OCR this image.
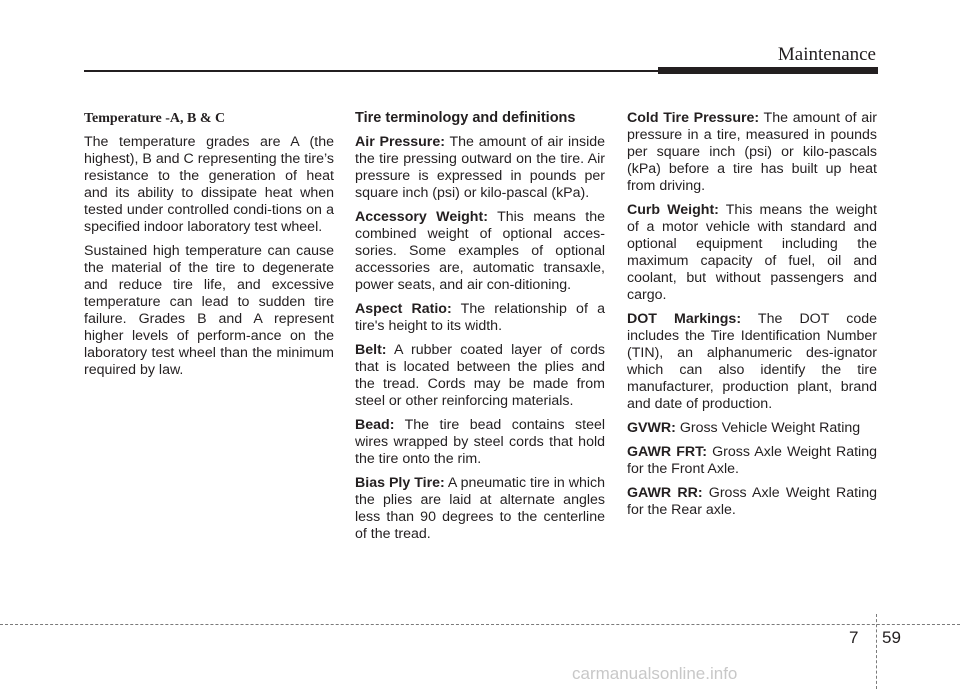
Maintenance
Temperature -A, B & C

The temperature grades are A (the highest), B and C representing the tire’s resistance to the generation of heat and its ability to dissipate heat when tested under controlled condi-tions on a specified indoor laboratory test wheel.

Sustained high temperature can cause the material of the tire to degenerate and reduce tire life, and excessive temperature can lead to sudden tire failure. Grades B and A represent higher levels of perform-ance on the laboratory test wheel than the minimum required by law.

Tire terminology and definitions

Air Pressure: The amount of air inside the tire pressing outward on the tire. Air pressure is expressed in pounds per square inch (psi) or kilo-pascal (kPa).

Accessory Weight: This means the combined weight of optional acces-sories. Some examples of optional accessories are, automatic transaxle, power seats, and air con-ditioning.

Aspect Ratio: The relationship of a tire's height to its width.

Belt: A rubber coated layer of cords that is located between the plies and the tread. Cords may be made from steel or other reinforcing materials.

Bead: The tire bead contains steel wires wrapped by steel cords that hold the tire onto the rim.

Bias Ply Tire: A pneumatic tire in which the plies are laid at alternate angles less than 90 degrees to the centerline of the tread.

Cold Tire Pressure: The amount of air pressure in a tire, measured in pounds per square inch (psi) or kilo-pascals (kPa) before a tire has built up heat from driving.

Curb Weight: This means the weight of a motor vehicle with standard and optional equipment including the maximum capacity of fuel, oil and coolant, but without passengers and cargo.

DOT Markings: The DOT code includes the Tire Identification Number (TIN), an alphanumeric des-ignator which can also identify the tire manufacturer, production plant, brand and date of production.

GVWR: Gross Vehicle Weight Rating

GAWR FRT: Gross Axle Weight Rating for the Front Axle.

GAWR RR: Gross Axle Weight Rating for the Rear axle.

7 59
carmanualsonline.info
